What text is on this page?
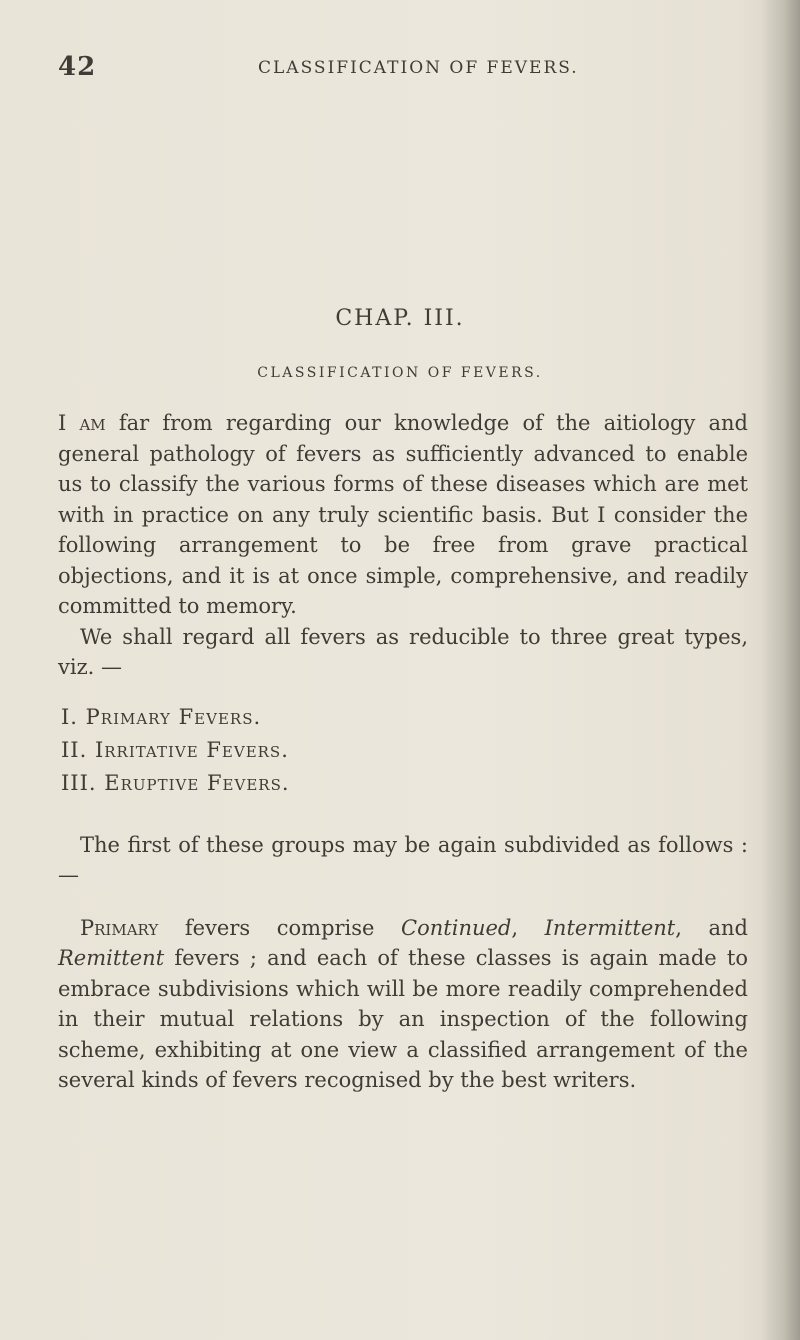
42	CLASSIFICATION OF FEVERS.
CHAP. III.
CLASSIFICATION OF FEVERS.

I am far from regarding our knowledge of the aitiology and general pathology of fevers as sufficiently advanced to enable us to classify the various forms of these diseases which are met with in practice on any truly scientific basis. But I consider the following arrangement to be free from grave practical objections, and it is at once simple, comprehensive, and readily committed to memory.

We shall regard all fevers as reducible to three great types, viz. —

I. Primary Fevers.

II. Irritative Fevers.

III. Eruptive Fevers.

The first of these groups may be again subdivided as follows : —

Primary fevers comprise Continued, Intermittent, and Remittent fevers ; and each of these classes is again made to embrace subdivisions which will be more readily comprehended in their mutual relations by an inspection of the following scheme, exhibiting at one view a classified arrangement of the several kinds of fevers recognised by the best writers.
